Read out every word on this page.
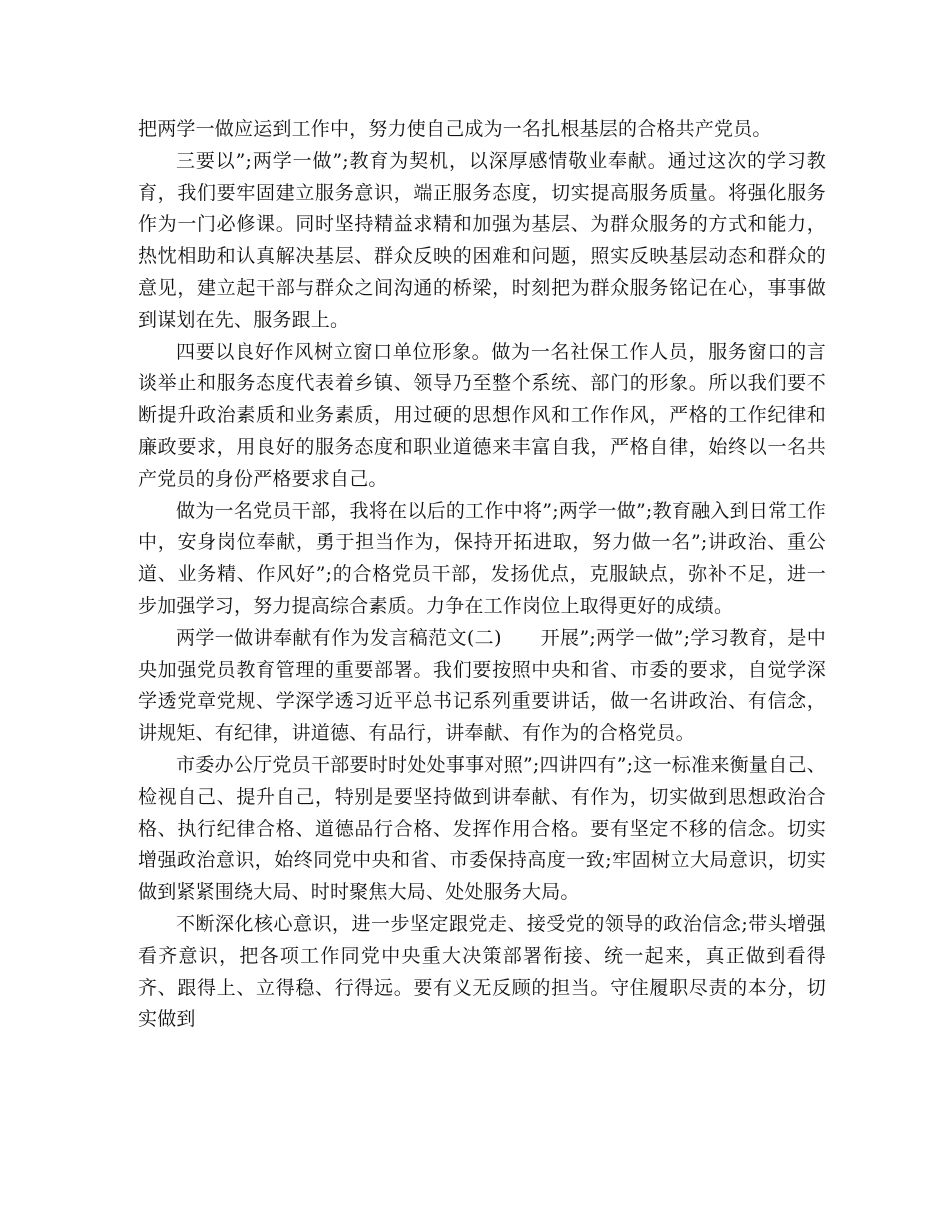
把两学一做应运到工作中，努力使自己成为一名扎根基层的合格共产党员。

三要以”;两学一做”;教育为契机，以深厚感情敬业奉献。通过这次的学习教育，我们要牢固建立服务意识，端正服务态度，切实提高服务质量。将强化服务作为一门必修课。同时坚持精益求精和加强为基层、为群众服务的方式和能力，热忱相助和认真解决基层、群众反映的困难和问题，照实反映基层动态和群众的意见，建立起干部与群众之间沟通的桥梁，时刻把为群众服务铭记在心，事事做到谋划在先、服务跟上。

四要以良好作风树立窗口单位形象。做为一名社保工作人员，服务窗口的言谈举止和服务态度代表着乡镇、领导乃至整个系统、部门的形象。所以我们要不断提升政治素质和业务素质，用过硬的思想作风和工作作风，严格的工作纪律和廉政要求，用良好的服务态度和职业道德来丰富自我，严格自律，始终以一名共产党员的身份严格要求自己。

做为一名党员干部，我将在以后的工作中将”;两学一做”;教育融入到日常工作中，安身岗位奉献，勇于担当作为，保持开拓进取，努力做一名”;讲政治、重公道、业务精、作风好”;的合格党员干部，发扬优点，克服缺点，弥补不足，进一步加强学习，努力提高综合素质。力争在工作岗位上取得更好的成绩。

两学一做讲奉献有作为发言稿范文(二)　　开展”;两学一做”;学习教育，是中央加强党员教育管理的重要部署。我们要按照中央和省、市委的要求，自觉学深学透党章党规、学深学透习近平总书记系列重要讲话，做一名讲政治、有信念，讲规矩、有纪律，讲道德、有品行，讲奉献、有作为的合格党员。

市委办公厅党员干部要时时处处事事对照”;四讲四有”;这一标准来衡量自己、检视自己、提升自己，特别是要坚持做到讲奉献、有作为，切实做到思想政治合格、执行纪律合格、道德品行合格、发挥作用合格。要有坚定不移的信念。切实增强政治意识，始终同党中央和省、市委保持高度一致;牢固树立大局意识，切实做到紧紧围绕大局、时时聚焦大局、处处服务大局。

不断深化核心意识，进一步坚定跟党走、接受党的领导的政治信念;带头增强看齐意识，把各项工作同党中央重大决策部署衔接、统一起来，真正做到看得齐、跟得上、立得稳、行得远。要有义无反顾的担当。守住履职尽责的本分，切实做到
